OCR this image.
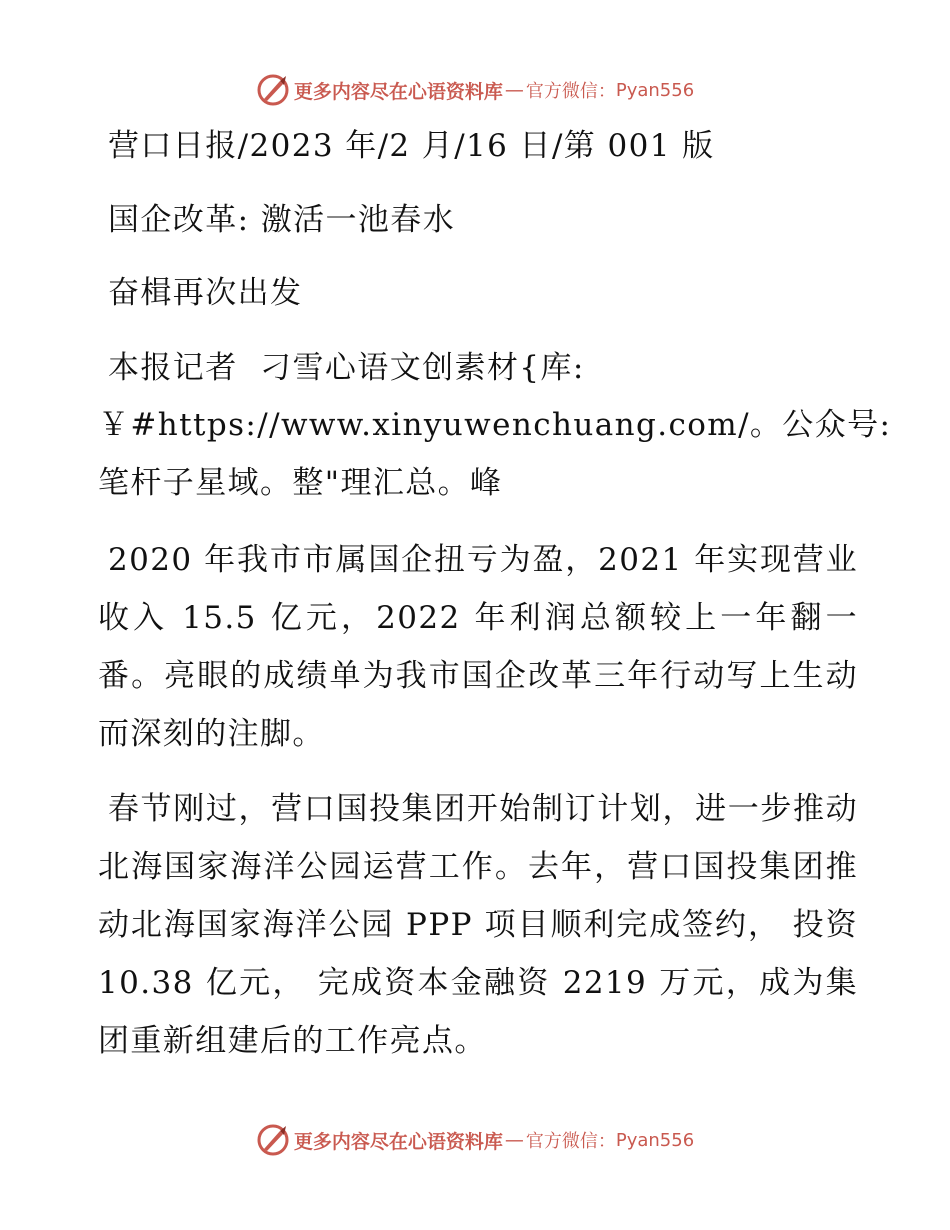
更多内容尽在心语资料库 — 官方微信： Pyan556
营口日报/2023 年/2 月/16 日/第 001 版
国企改革: 激活一池春水
奋楫再次出发
本报记者  刁雪心语文创素材{库:
￥#https://www.xinyuwenchuang.com/。公众号:
笔杆子星域。整"理汇总。峰

2020 年我市市属国企扭亏为盈，2021 年实现营业收入 15.5 亿元，2022 年利润总额较上一年翻一番。亮眼的成绩单为我市国企改革三年行动写上生动而深刻的注脚。

春节刚过，营口国投集团开始制订计划，进一步推动北海国家海洋公园运营工作。去年，营口国投集团推动北海国家海洋公园 PPP 项目顺利完成签约， 投资 10.38 亿元， 完成资本金融资 2219 万元，成为集团重新组建后的工作亮点。

更多内容尽在心语资料库 — 官方微信： Pyan556
